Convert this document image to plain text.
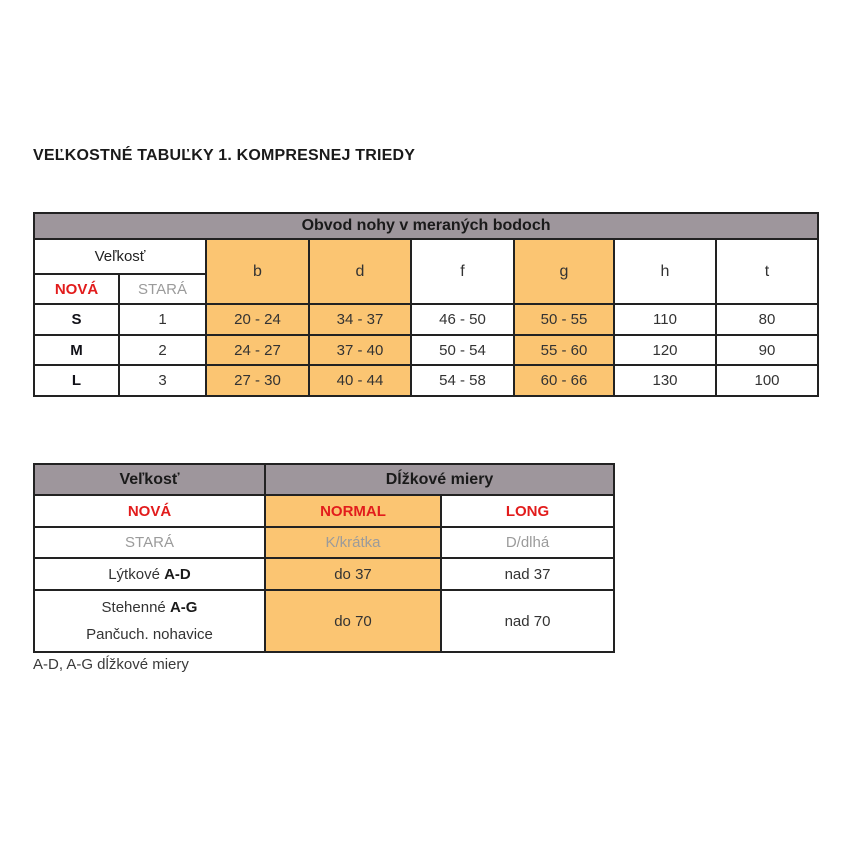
VEĽKOSTNÉ TABUĽKY 1. KOMPRESNEJ TRIEDY
Obvod nohy v meraných bodoch							
Veľkosť		b	d	f	g	h	t
NOVÁ	STARÁ						
S	1	20 - 24	34 - 37	46 - 50	50 - 55	110	80
M	2	24 - 27	37 - 40	50 - 54	55 - 60	120	90
L	3	27 - 30	40 - 44	54 - 58	60 - 66	130	100
Veľkosť	Dĺžkové miery	
NOVÁ	NORMAL	LONG
STARÁ	K/krátka	D/dlhá
Lýtkové A-D	do 37	nad 37

Stehenné A-G
Pančuch. nohavice	do 70	nad 70
A-D, A-G dĺžkové miery
